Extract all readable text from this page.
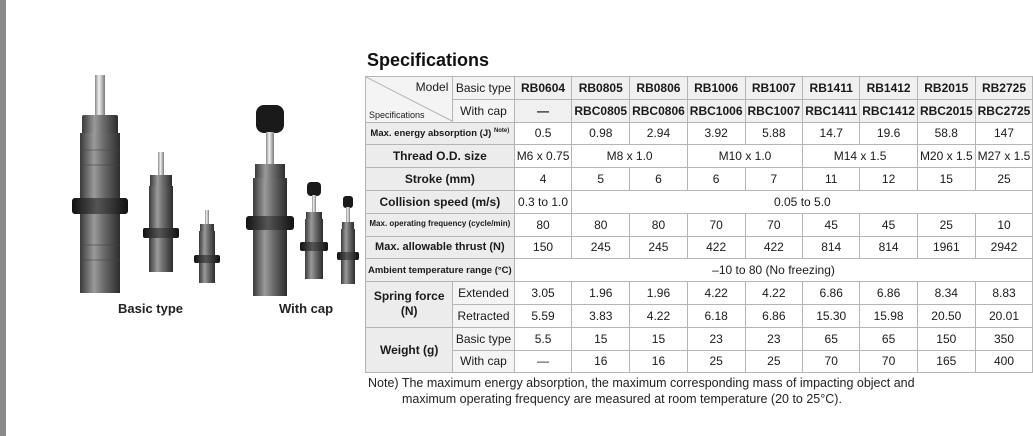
Basic type	With cap
Specifications
Model
Specifications	Basic type	RB0604	RB0805	RB0806	RB1006	RB1007	RB1411	RB1412	RB2015	RB2725
	With cap	—	RBC0805	RBC0806	RBC1006	RBC1007	RBC1411	RBC1412	RBC2015	RBC2725
Max. energy absorption (J) $^{Note)}$		0.5	0.98	2.94	3.92	5.88	14.7	19.6	58.8	147
Thread O.D. size		M6 x 0.75	M8 x 1.0		M10 x 1.0		M14 x 1.5		M20 x 1.5	M27 x 1.5
Stroke (mm)		4	5	6	6	7	11	12	15	25
Collision speed (m/s)		0.3 to 1.0	0.05 to 5.0							
Max. operating frequency (cycle/min)		80	80	80	70	70	45	45	25	10
Max. allowable thrust (N)		150	245	245	422	422	814	814	1961	2942
Ambient temperature range (°C)		–10 to 80 (No freezing)								
Spring force
(N)	Extended	3.05	1.96	1.96	4.22	4.22	6.86	6.86	8.34	8.83
	Retracted	5.59	3.83	4.22	6.18	6.86	15.30	15.98	20.50	20.01
Weight (g)	Basic type	5.5	15	15	23	23	65	65	150	350
	With cap	—	16	16	25	25	70	70	165	400
Note) The maximum energy absorption, the maximum corresponding mass of impacting object and
maximum operating frequency are measured at room temperature (20 to 25°C).
